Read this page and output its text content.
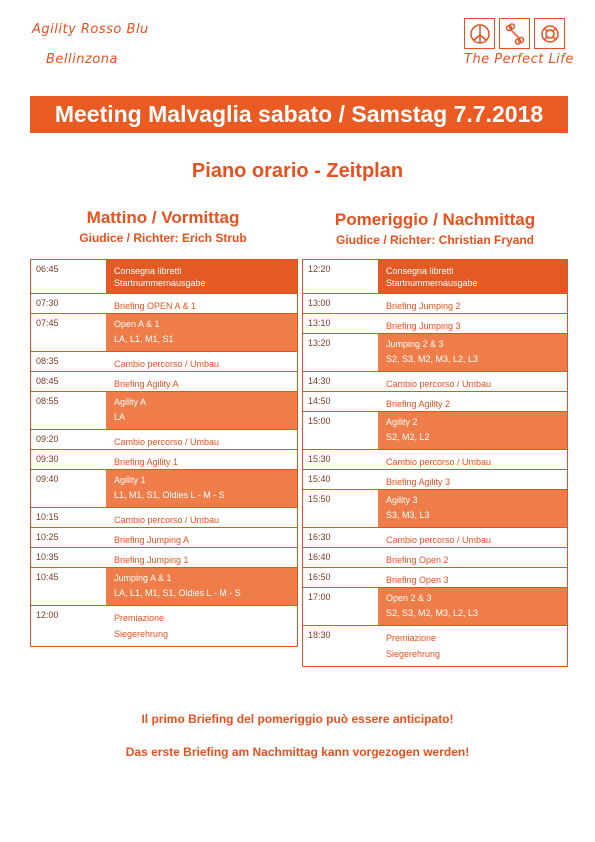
Agility Rosso Blu
Bellinzona	The Perfect Life
Meeting Malvaglia sabato / Samstag 7.7.2018
Piano orario - Zeitplan
Mattino / Vormittag
Giudice / Richter: Erich Strub
Pomeriggio / Nachmittag
Giudice / Richter: Christian Fryand
06:45	Consegna libretti
Startnummernausgabe
07:30	Briefing OPEN A & 1
07:45	Open A & 1
LA, L1, M1, S1
08:35	Cambio percorso / Umbau
08:45	Briefing Agility A
08:55	Agility A
LA
09:20	Cambio percorso / Umbau
09:30	Briefing Agility 1
09:40	Agility 1
L1, M1, S1, Oldies L - M - S
10:15	Cambio percorso / Umbau
10:25	Briefing Jumping A
10:35	Briefing Jumping 1
10:45	Jumping A & 1
LA, L1, M1, S1, Oldies L - M - S
12:00	Premiazione
Siegerehrung
12:20	Consegna libretti
Startnummernausgabe
13:00	Briefing Jumping 2
13:10	Briefing Jumping 3
13:20	Jumping 2 & 3
S2, S3, M2, M3, L2, L3
14:30	Cambio percorso / Umbau
14:50	Briefing Agility 2
15:00	Agility 2
S2, M2, L2
15:30	Cambio percorso / Umbau
15:40	Briefing Agility 3
15:50	Agility 3
S3, M3, L3
16:30	Cambio percorso / Umbau
16:40	Briefing Open 2
16:50	Briefing Open 3
17:00	Open 2 & 3
S2, S3, M2, M3, L2, L3
18:30	Premiazione
Siegerehrung
Il primo Briefing del pomeriggio può essere anticipato!
Das erste Briefing am Nachmittag kann vorgezogen werden!
